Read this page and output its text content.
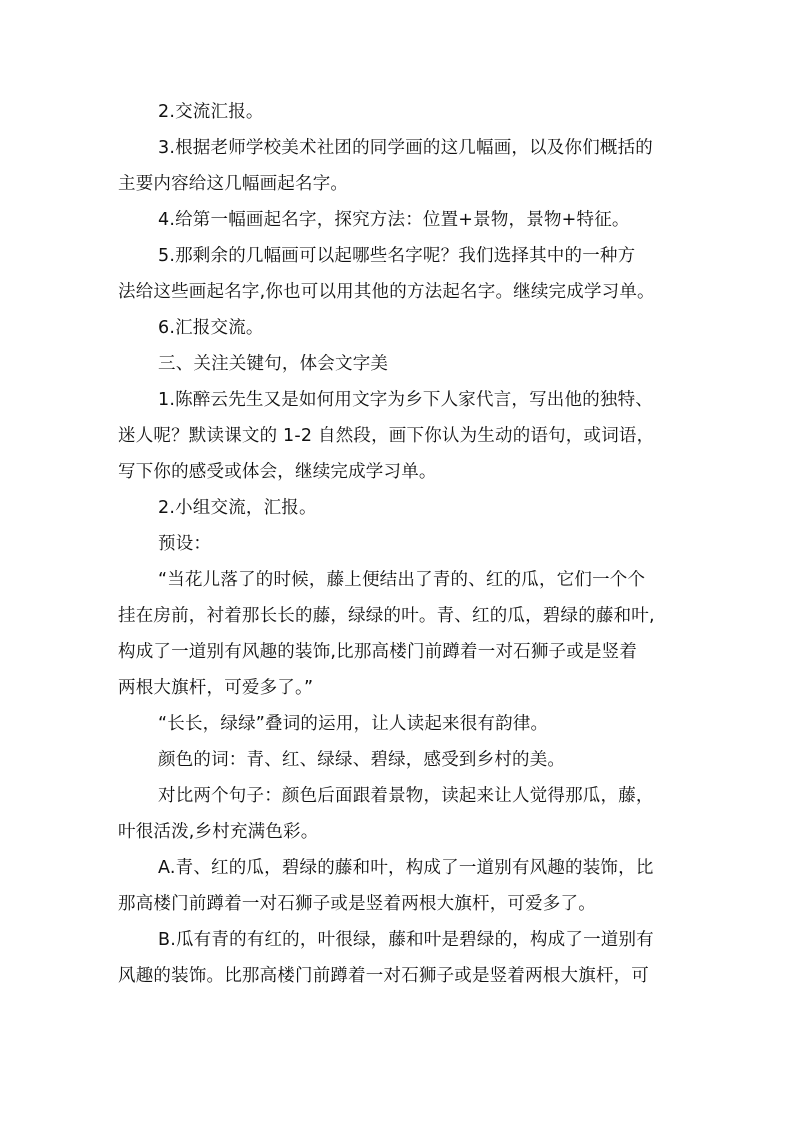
2.交流汇报。
3.根据老师学校美术社团的同学画的这几幅画，以及你们概括的
主要内容给这几幅画起名字。
4.给第一幅画起名字，探究方法：位置+景物，景物+特征。
5.那剩余的几幅画可以起哪些名字呢？我们选择其中的一种方
法给这些画起名字,你也可以用其他的方法起名字。继续完成学习单。
6.汇报交流。
三、关注关键句，体会文字美
1.陈醉云先生又是如何用文字为乡下人家代言，写出他的独特、
迷人呢？默读课文的 1-2 自然段，画下你认为生动的语句，或词语，
写下你的感受或体会，继续完成学习单。
2.小组交流，汇报。
预设：
“当花儿落了的时候，藤上便结出了青的、红的瓜，它们一个个
挂在房前，衬着那长长的藤，绿绿的叶。青、红的瓜，碧绿的藤和叶,
构成了一道别有风趣的装饰,比那高楼门前蹲着一对石狮子或是竖着
两根大旗杆，可爱多了。”
“长长，绿绿”叠词的运用，让人读起来很有韵律。
颜色的词：青、红、绿绿、碧绿，感受到乡村的美。
对比两个句子：颜色后面跟着景物，读起来让人觉得那瓜，藤，
叶很活泼,乡村充满色彩。
A.青、红的瓜，碧绿的藤和叶，构成了一道别有风趣的装饰，比
那高楼门前蹲着一对石狮子或是竖着两根大旗杆，可爱多了。
B.瓜有青的有红的，叶很绿，藤和叶是碧绿的，构成了一道别有
风趣的装饰。比那高楼门前蹲着一对石狮子或是竖着两根大旗杆，可
